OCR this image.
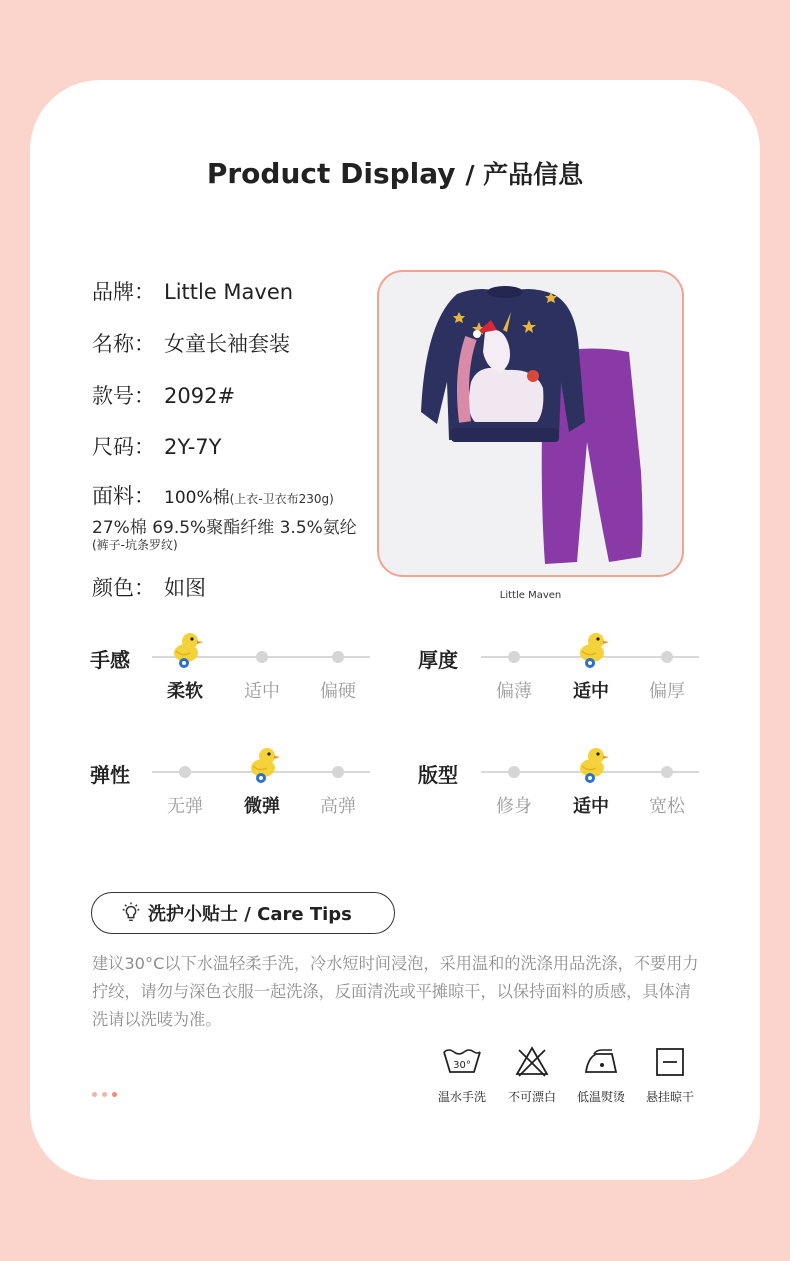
Product Display / 产品信息
品牌： Little Maven
名称： 女童长袖套装
款号： 2092#
尺码： 2Y-7Y
面料： 100%棉(上衣-卫衣布230g)
27%棉 69.5%聚酯纤维 3.5%氨纶
(裤子-坑条罗纹)
颜色： 如图	Little Maven
手感
柔软	适中	偏硬
厚度
偏薄	适中	偏厚
弹性
无弹	微弹	高弹
版型
修身	适中	宽松
洗护小贴士 / Care Tips
建议30°C以下水温轻柔手洗，冷水短时间浸泡，采用温和的洗涤用品洗涤，不要用力拧绞，请勿与深色衣服一起洗涤，反面清洗或平摊晾干，以保持面料的质感，具体清洗请以洗唛为准。
30°
温水手洗	不可漂白	低温熨烫	悬挂晾干
